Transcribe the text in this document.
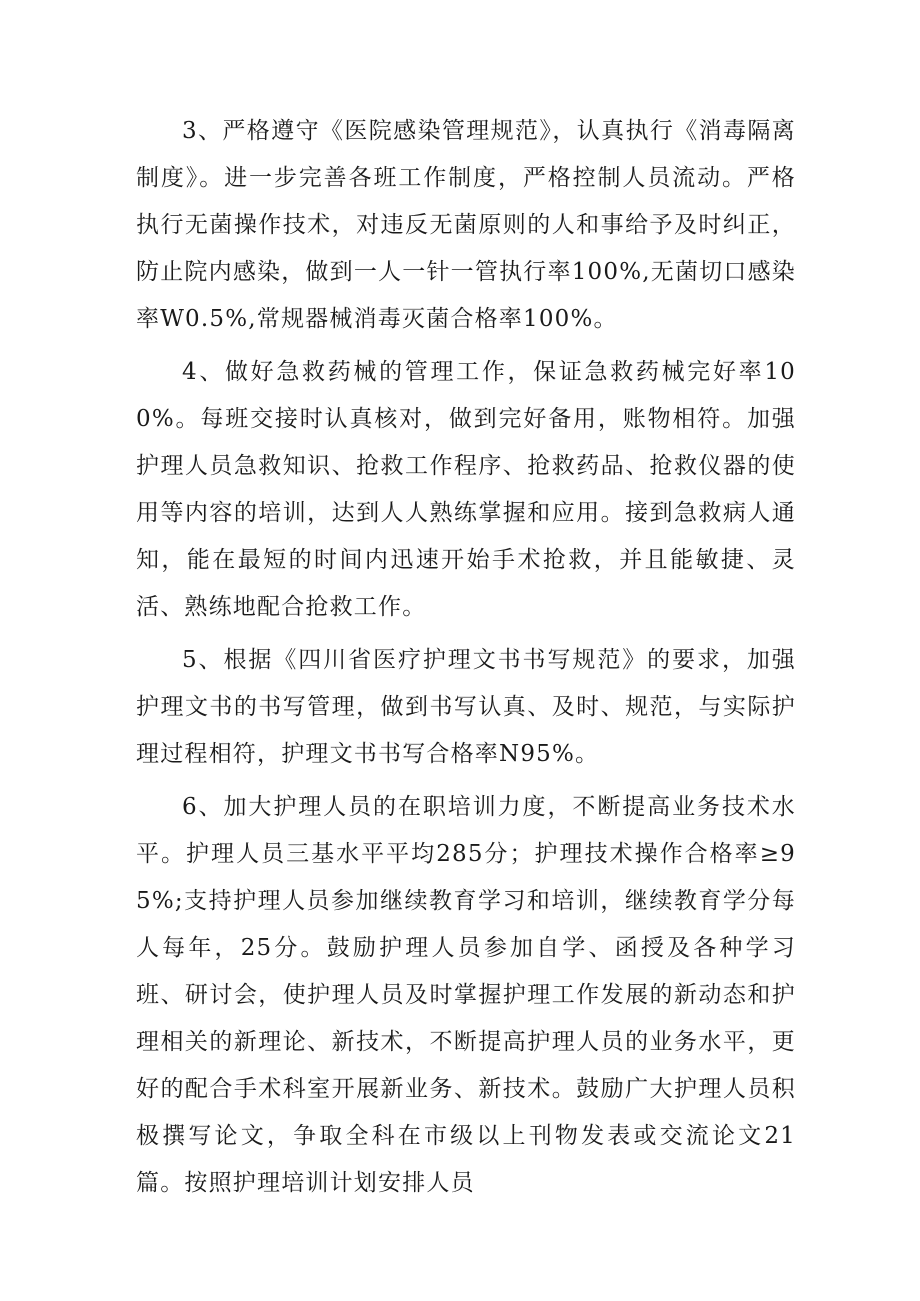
3、严格遵守《医院感染管理规范》，认真执行《消毒隔离制度》。进一步完善各班工作制度，严格控制人员流动。严格执行无菌操作技术，对违反无菌原则的人和事给予及时纠正，防止院内感染，做到一人一针一管执行率100%,无菌切口感染率W0.5%,常规器械消毒灭菌合格率100%。

4、做好急救药械的管理工作，保证急救药械完好率100%。每班交接时认真核对，做到完好备用，账物相符。加强护理人员急救知识、抢救工作程序、抢救药品、抢救仪器的使用等内容的培训，达到人人熟练掌握和应用。接到急救病人通知，能在最短的时间内迅速开始手术抢救，并且能敏捷、灵活、熟练地配合抢救工作。

5、根据《四川省医疗护理文书书写规范》的要求，加强护理文书的书写管理，做到书写认真、及时、规范，与实际护理过程相符，护理文书书写合格率N95%。

6、加大护理人员的在职培训力度，不断提高业务技术水平。护理人员三基水平平均285分；护理技术操作合格率≥95%;支持护理人员参加继续教育学习和培训，继续教育学分每人每年，25分。鼓励护理人员参加自学、函授及各种学习班、研讨会，使护理人员及时掌握护理工作发展的新动态和护理相关的新理论、新技术，不断提高护理人员的业务水平，更好的配合手术科室开展新业务、新技术。鼓励广大护理人员积极撰写论文，争取全科在市级以上刊物发表或交流论文21篇。按照护理培训计划安排人员
